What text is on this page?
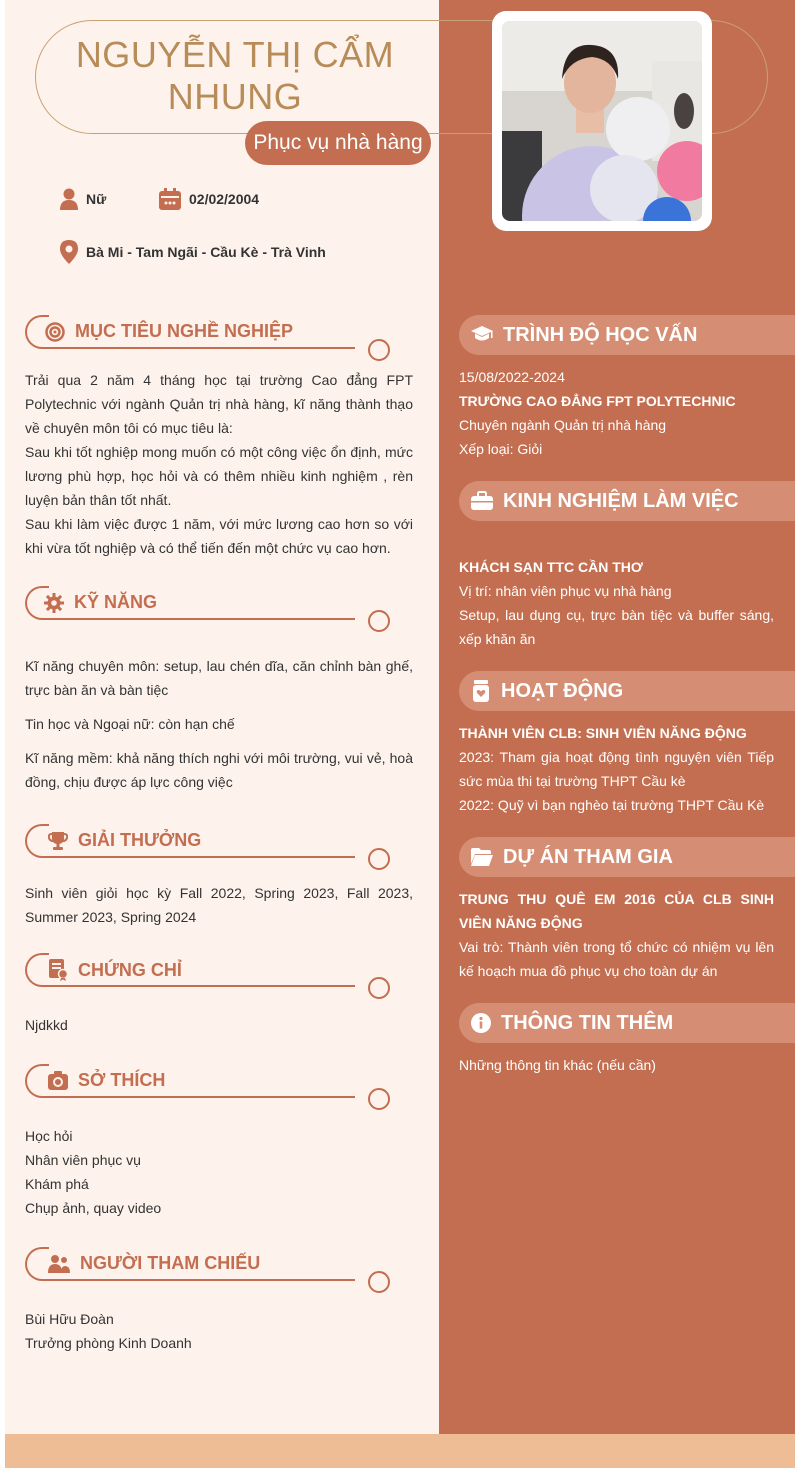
NGUYỄN THỊ CẨM NHUNG
Phục vụ nhà hàng
Nữ	02/02/2004
Bà Mi - Tam Ngãi - Cầu Kè - Trà Vinh
MỤC TIÊU NGHỀ NGHIỆP

Trải qua 2 năm 4 tháng học tại trường Cao đẳng FPT Polytechnic với ngành Quản trị nhà hàng, kĩ năng thành thạo về chuyên môn tôi có mục tiêu là:

Sau khi tốt nghiệp mong muốn có một công việc ổn định, mức lương phù hợp, học hỏi và có thêm nhiều kinh nghiệm , rèn luyện bản thân tốt nhất.

Sau khi làm việc được 1 năm, với mức lương cao hơn so với khi vừa tốt nghiệp và có thể tiến đến một chức vụ cao hơn.

KỸ NĂNG

Kĩ năng chuyên môn: setup, lau chén dĩa, căn chỉnh bàn ghế, trực bàn ăn và bàn tiệc

Tin học và Ngoại nữ: còn hạn chế

Kĩ năng mềm: khả năng thích nghi với môi trường, vui vẻ, hoà đồng, chịu được áp lực công việc

GIẢI THƯỞNG

Sinh viên giỏi học kỳ Fall 2022, Spring 2023, Fall 2023, Summer 2023, Spring 2024

CHỨNG CHỈ

Njdkkd

SỞ THÍCH

Học hỏi

Nhân viên phục vụ

Khám phá

Chụp ảnh, quay video

NGƯỜI THAM CHIẾU

Bùi Hữu Đoàn

Trưởng phòng Kinh Doanh

TRÌNH ĐỘ HỌC VẤN

15/08/2022-2024

TRƯỜNG CAO ĐẲNG FPT POLYTECHNIC

Chuyên ngành Quản trị nhà hàng

Xếp loại: Giỏi

KINH NGHIỆM LÀM VIỆC

KHÁCH SẠN TTC CẦN THƠ

Vị trí: nhân viên phục vụ nhà hàng

Setup, lau dụng cụ, trực bàn tiệc và buffer sáng, xếp khăn ăn

HOẠT ĐỘNG

THÀNH VIÊN CLB: SINH VIÊN NĂNG ĐỘNG

2023: Tham gia hoạt động tình nguyện viên Tiếp sức mùa thi tại trường THPT Cầu kè

2022: Quỹ vì bạn nghèo tại trường THPT Cầu Kè

DỰ ÁN THAM GIA

TRUNG THU QUÊ EM 2016 CỦA CLB SINH VIÊN NĂNG ĐỘNG

Vai trò: Thành viên trong tổ chức có nhiệm vụ lên kế hoạch mua đồ phục vụ cho toàn dự án

THÔNG TIN THÊM

Những thông tin khác (nếu cần)
